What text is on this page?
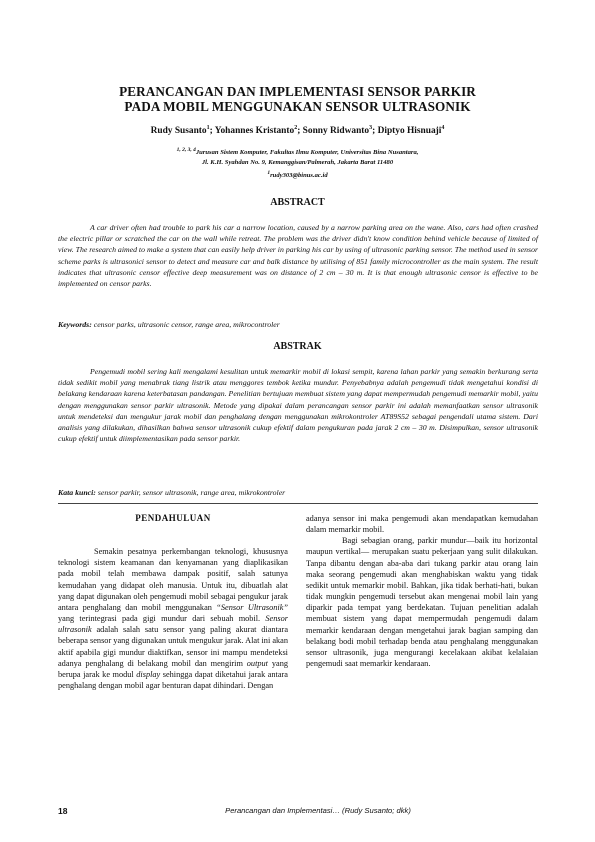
PERANCANGAN DAN IMPLEMENTASI SENSOR PARKIR
PADA MOBIL MENGGUNAKAN SENSOR ULTRASONIK
Rudy Susanto$^1$; Yohannes Kristanto$^2$; Sonny Ridwanto$^3$; Diptyo Hisnuaji$^4$
$^{1, 2, 3, 4}$Jurusan Sistem Komputer, Fakultas Ilmu Komputer, Universitas Bina Nusantara,
Jl. K.H. Syahdan No. 9, Kemanggisan/Palmerah, Jakarta Barat 11480
$^1$rudy303@binus.ac.id
ABSTRACT
A car driver often had trouble to park his car a narrow location, caused by a narrow parking area on the wane. Also, cars had often crashed the electric pillar or scratched the car on the wall while retreat. The problem was the driver didn't know condition behind vehicle because of limited of view. The research aimed to make a system that can easily help driver in parking his car by using of ultrasonic parking sensor. The method used in sensor scheme parks is ultrasonici sensor to detect and measure car and balk distance by utilising of 851 family microcontroller as the main system. The result indicates that ultrasonic censor effective deep measurement was on distance of 2 cm – 30 m. It is that enough ultrasonic censor is effective to be implemented on censor parks.
Keywords: censor parks, ultrasonic censor, range area, mikrocontroler
ABSTRAK
Pengemudi mobil sering kali mengalami kesulitan untuk memarkir mobil di lokasi sempit, karena lahan parkir yang semakin berkurang serta tidak sedikit mobil yang menabrak tiang listrik atau menggores tembok ketika mundur. Penyebabnya adalah pengemudi tidak mengetahui kondisi di belakang kendaraan karena keterbatasan pandangan. Penelitian bertujuan membuat sistem yang dapat mempermudah pengemudi memarkir mobil, yaitu dengan menggunakan sensor parkir ultrasonik. Metode yang dipakai dalam perancangan sensor parkir ini adalah memanfaatkan sensor ultrasonik untuk mendeteksi dan mengukur jarak mobil dan penghalang dengan menggunakan mikrokontroler AT89S52 sebagai pengendali utama sistem. Dari analisis yang dilakukan, dihasilkan bahwa sensor ultrasonik cukup efektif dalam pengukuran pada jarak 2 cm – 30 m. Disimpulkan, sensor ultrasonik cukup efektif untuk diimplementasikan pada sensor parkir.
Kata kunci: sensor parkir, sensor ultrasonik, range area, mikrokontroler
PENDAHULUAN

Semakin pesatnya perkembangan teknologi, khususnya teknologi sistem keamanan dan kenyamanan yang diaplikasikan pada mobil telah membawa dampak positif, salah satunya kemudahan yang didapat oleh manusia. Untuk itu, dibuatlah alat yang dapat digunakan oleh pengemudi mobil sebagai pengukur jarak antara penghalang dan mobil menggunakan “Sensor Ultrasonik” yang terintegrasi pada gigi mundur dari sebuah mobil. Sensor ultrasonik adalah salah satu sensor yang paling akurat diantara beberapa sensor yang digunakan untuk mengukur jarak. Alat ini akan aktif apabila gigi mundur diaktifkan, sensor ini mampu mendeteksi adanya penghalang di belakang mobil dan mengirim output yang berupa jarak ke modul display sehingga dapat diketahui jarak antara penghalang dengan mobil agar benturan dapat dihindari. Dengan

adanya sensor ini maka pengemudi akan mendapatkan kemudahan dalam memarkir mobil.

Bagi sebagian orang, parkir mundur—baik itu horizontal maupun vertikal— merupakan suatu pekerjaan yang sulit dilakukan. Tanpa dibantu dengan aba-aba dari tukang parkir atau orang lain maka seorang pengemudi akan menghabiskan waktu yang tidak sedikit untuk memarkir mobil. Bahkan, jika tidak berhati-hati, bukan tidak mungkin pengemudi tersebut akan mengenai mobil lain yang diparkir pada tempat yang berdekatan. Tujuan penelitian adalah membuat sistem yang dapat mempermudah pengemudi dalam memarkir kendaraan dengan mengetahui jarak bagian samping dan belakang bodi mobil terhadap benda atau penghalang menggunakan sensor ultrasonik, juga mengurangi kecelakaan akibat kelalaian pengemudi saat memarkir kendaraan.

18	Perancangan dan Implementasi… (Rudy Susanto; dkk)
